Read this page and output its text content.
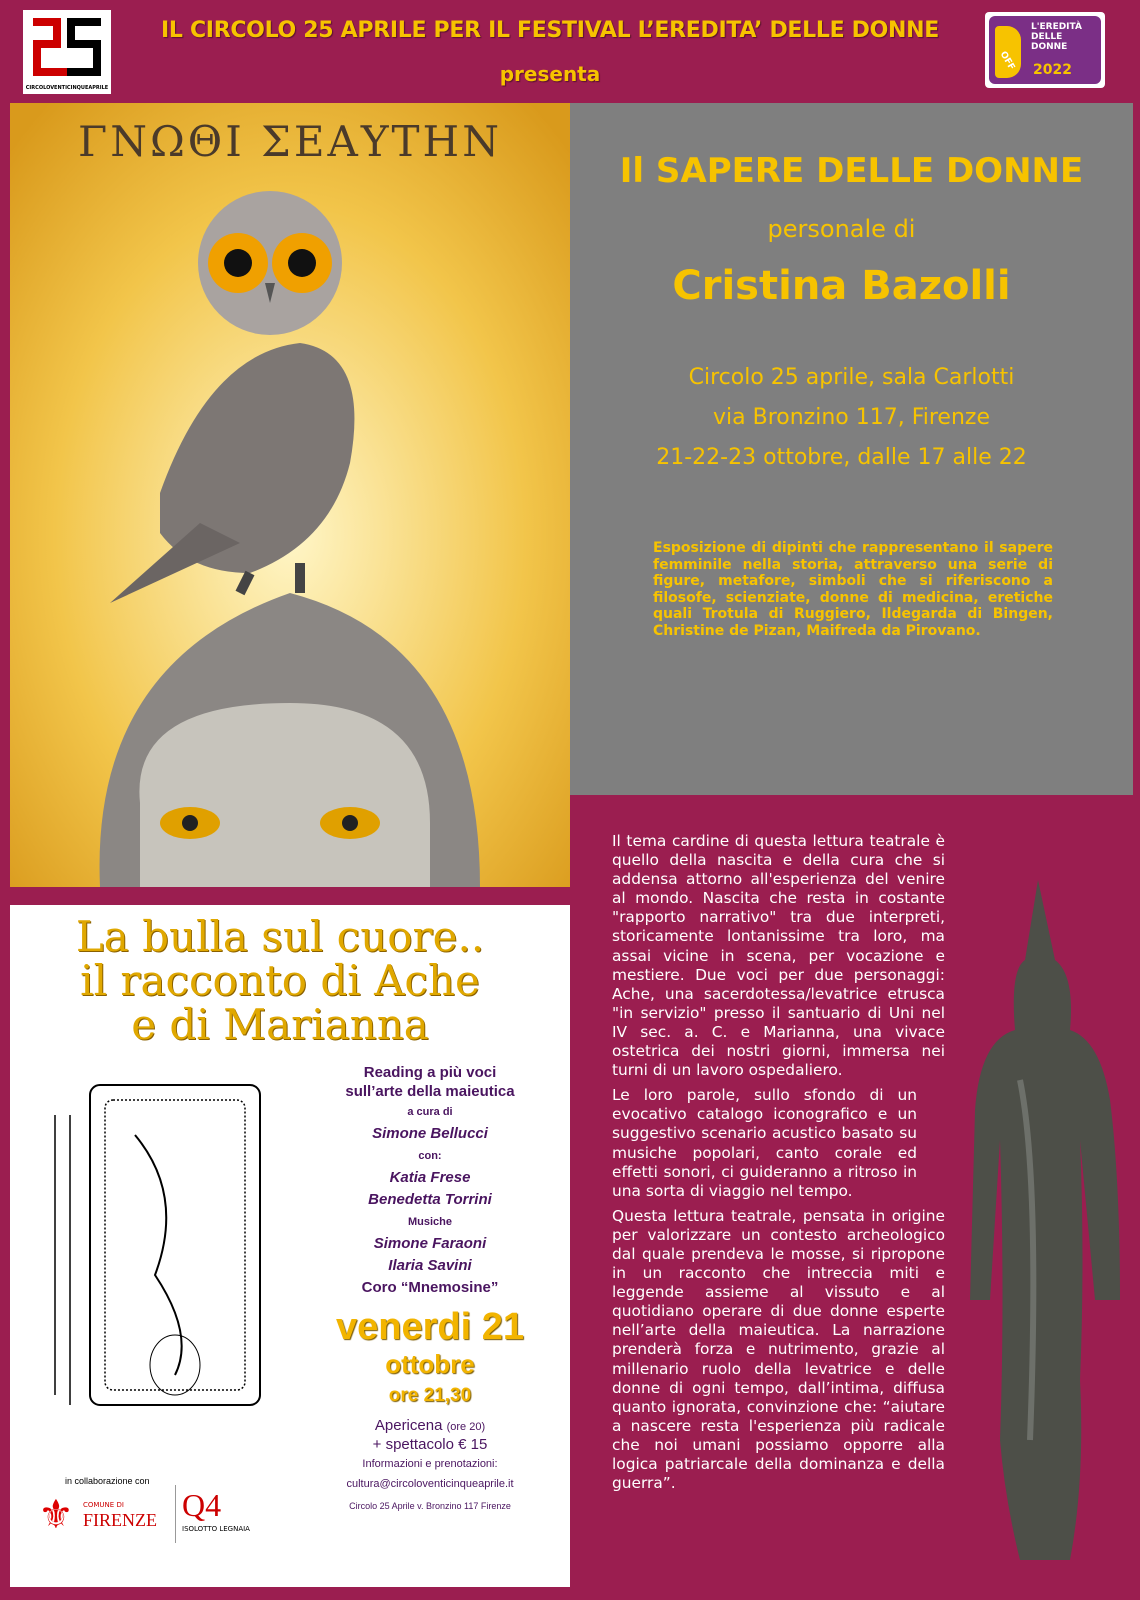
CIRCOLOVENTICINQUEAPRILE
IL CIRCOLO 25 APRILE PER IL FESTIVAL L’EREDITA’ DELLE DONNE
presenta
OFF
L'EREDITÀ
DELLE
DONNE
2022
ΓΝΩΘΙ ΣΕΑΥΤΗΝ
Il SAPERE DELLE DONNE
personale di
Cristina Bazolli
Circolo 25 aprile, sala Carlotti
via Bronzino 117, Firenze
21-22-23 ottobre, dalle 17 alle 22
Esposizione di dipinti che rappresentano il sapere femminile nella storia, attraverso una serie di figure, metafore, simboli che si riferiscono a filosofe, scienziate, donne di medicina, eretiche quali Trotula di Ruggiero, Ildegarda di Bingen, Christine de Pizan, Maifreda da Pirovano.
La bulla sul cuore..
il racconto di Ache
e di Marianna
Reading a più voci
sull’arte della maieutica
a cura di
Simone Bellucci
con:
Katia Frese
Benedetta Torrini
Musiche
Simone Faraoni
Ilaria Savini
Coro “Mnemosine”
venerdi 21
ottobre
ore 21,30
Apericena (ore 20)
+ spettacolo € 15
Informazioni e prenotazioni:
cultura@circoloventicinqueaprile.it
Circolo 25 Aprile v. Bronzino 117 Firenze
in collaborazione con
⚜ COMUNE DI
FIRENZE Q4
ISOLOTTO LEGNAIA

Il tema cardine di questa lettura teatrale è quello della nascita e della cura che si addensa attorno all'esperienza del venire al mondo. Nascita che resta in costante "rapporto narrativo" tra due interpreti, storicamente lontanissime tra loro, ma assai vicine in scena, per vocazione e mestiere. Due voci per due personaggi: Ache, una sacerdotessa/levatrice etrusca "in servizio" presso il santuario di Uni nel IV sec. a. C. e Marianna, una vivace ostetrica dei nostri giorni, immersa nei turni di un lavoro ospedaliero.

Le loro parole, sullo sfondo di un evocativo catalogo iconografico e un suggestivo scenario acustico basato su musiche popolari, canto corale ed effetti sonori, ci guideranno a ritroso in una sorta di viaggio nel tempo.

Questa lettura teatrale, pensata in origine per valorizzare un contesto archeologico dal quale prendeva le mosse, si ripropone in un racconto che intreccia miti e leggende assieme al vissuto e al quotidiano operare di due donne esperte nell’arte della maieutica. La narrazione prenderà forza e nutrimento, grazie al millenario ruolo della levatrice e delle donne di ogni tempo, dall’intima, diffusa quanto ignorata, convinzione che: “aiutare a nascere resta l'esperienza più radicale che noi umani possiamo opporre alla logica patriarcale della dominanza e della guerra”.
